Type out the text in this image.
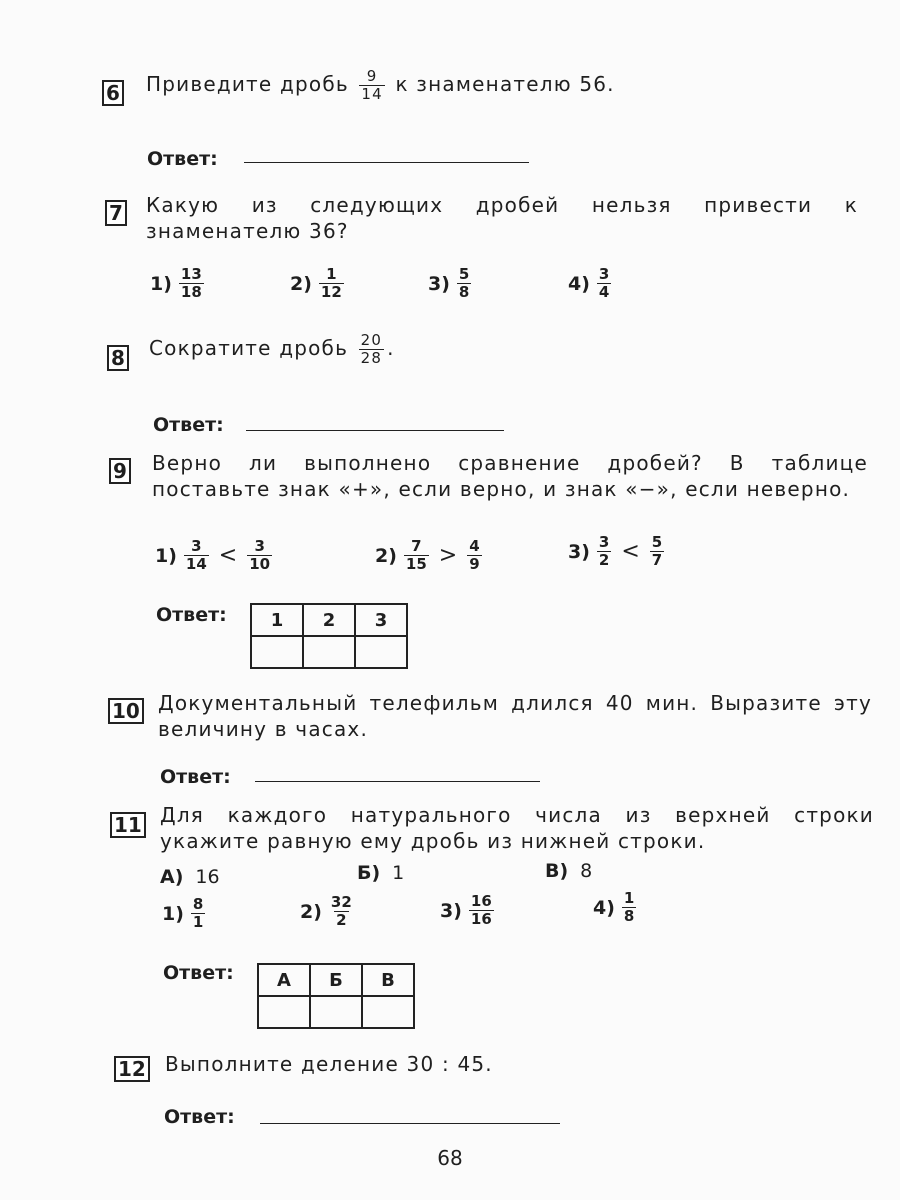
6 Приведите дробь $\frac{9}{14}$ к знаменателю 56.
Ответ:
7 Какую из следующих дробей нельзя привести к знаменателю 36?
$1) \frac{13}{18}$	$2) \frac{1}{12}$	$3) \frac{5}{8}$	$4) \frac{3}{4}$
8 Сократите дробь $\frac{20}{28}$ .
Ответ:
9 Верно ли выполнено сравнение дробей? В таблице поставьте знак «+», если верно, и знак «−», если неверно.
$1) \frac{3}{14} < \frac{3}{10}$	$2) \frac{7}{15} > \frac{4}{9}$	$3) \frac{3}{2} < \frac{5}{7}$
Ответ: 1	2	3

10 Документальный телефильм длился 40 мин. Выразите эту величину в часах.
Ответ:
11 Для каждого натурального числа из верхней строки укажите равную ему дробь из нижней строки.
А) 16	Б) 1	В) 8
$1) \frac{8}{1}$	$2) \frac{32}{2}$	$3) \frac{16}{16}$	$4) \frac{1}{8}$
Ответ: А	Б	В

12 Выполните деление 30 : 45.
Ответ:
68
